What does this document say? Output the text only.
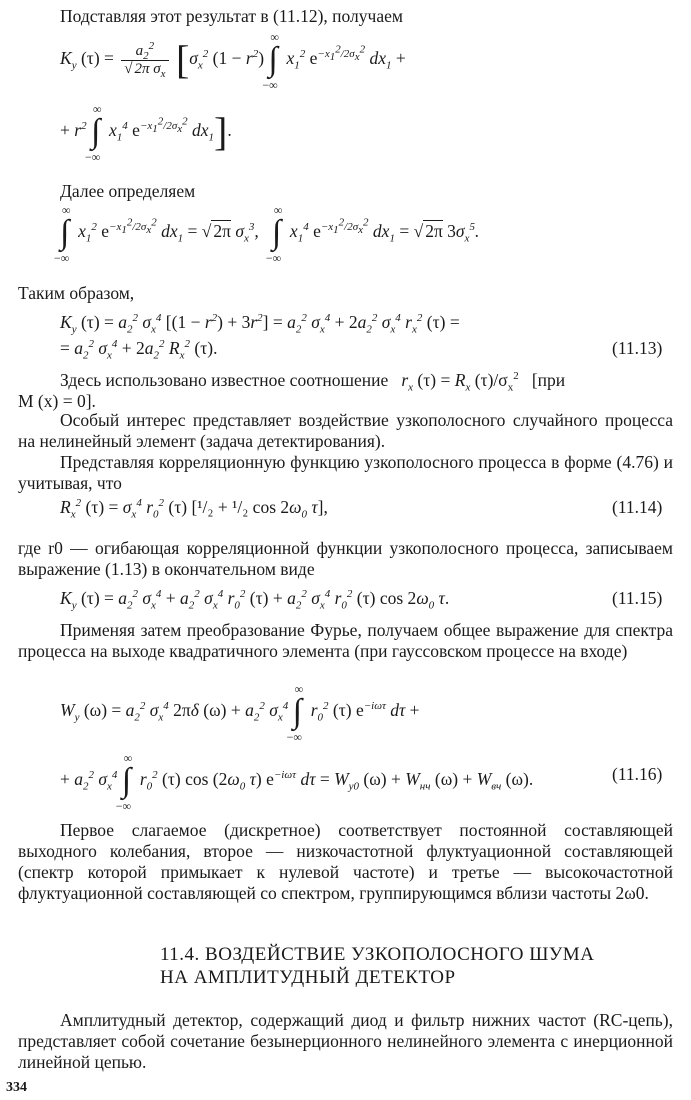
Подставляя этот результат в (11.12), получаем
$K_y$ $(\tau) = \frac{a_2^2}{√ 2\pi \sigma_x} [\sigma_x^2$ $(1 - r^2)$ ∫
∞
−∞
$x_1^2$ $e^{-x_1^2/2\sigma_x^2}$ $dx_1$ +
+ $r^2$ ∫
∞
−∞
$x_1^4$ $e^{-x_1^2/2\sigma_x^2}$ $dx_1$].
Далее определяем
∫
∞
−∞
$x_1^2$ $e^{-x_1^2/2\sigma_x^2}$ $dx_1$ = √ 2π $\sigma_x^3$,   ∫
∞
−∞
$x_1^4$ $e^{-x_1^2/2\sigma_x^2}$ $dx_1$ = √ 2π $3\sigma_x^5$.
Таким образом,
$K_y$ $(\tau) = a_2^2$ $\sigma_x^4$ $[(1 - r^2) + 3r^2] = a_2^2$ $\sigma_x^4 + 2a_2^2$ $\sigma_x^4$ $r_x^2$ (τ) =
= $a_2^2$ $\sigma_x^4 + 2a_2^2$ $R_x^2$ (τ).	(11.13)
Здесь использовано известное соотношение $r_x$ $(\tau) = R_x$ $(\tau)/\sigma_x^2$ [при
M (x) = 0].
Особый интерес представляет воздействие узкополосного случайного процесса на нелинейный элемент (задача детектирования).
Представляя корреляционную функцию узкополосного процесса в форме (4.76) и учитывая, что
$R_x^2$ $(\tau) = \sigma_x^4$ $r_0^2$ (τ) [¹/₂ + ¹/₂ $\cos 2\omega_0$ τ],	(11.14)
где r0 — огибающая корреляционной функции узкополосного процесса, записываем выражение (1.13) в окончательном виде
$K_y$ $(\tau) = a_2^2$ $\sigma_x^4 + a_2^2$ $\sigma_x^4$ $r_0^2$ $(\tau) + a_2^2$ $\sigma_x^4$ $r_0^2$ (τ) $\cos 2\omega_0$ τ.	(11.15)
Применяя затем преобразование Фурье, получаем общее выражение для спектра процесса на выходе квадратичного элемента (при гауссовском процессе на входе)
$W_y$ $(\omega) = a_2^2$ $\sigma_x^4$ 2πδ $(\omega) + a_2^2$ $\sigma_x^4$ ∫
∞
−∞
$r_0^2$ (τ) $e^{-i\omega\tau}$ dτ +
+ $a_2^2$ $\sigma_x^4$ ∫
∞
−∞
$r_0^2$ (τ) $\cos (2\omega_0$ τ) $e^{-i\omega\tau}$ $d\tau = W_{y0}$ $(\omega) + W_{нч}$ $(\omega) + W_{вч}$ (ω).	(11.16)
Первое слагаемое (дискретное) соответствует постоянной составляющей выходного колебания, второе — низкочастотной флуктуационной составляющей (спектр которой примыкает к нулевой частоте) и третье — высокочастотной флуктуационной составляющей со спектром, группирующимся вблизи частоты 2ω0.
11.4. ВОЗДЕЙСТВИЕ УЗКОПОЛОСНОГО ШУМА
НА АМПЛИТУДНЫЙ ДЕТЕКТОР
Амплитудный детектор, содержащий диод и фильтр нижних частот (RC-цепь), представляет собой сочетание безынерционного нелинейного элемента с инерционной линейной цепью.
334
